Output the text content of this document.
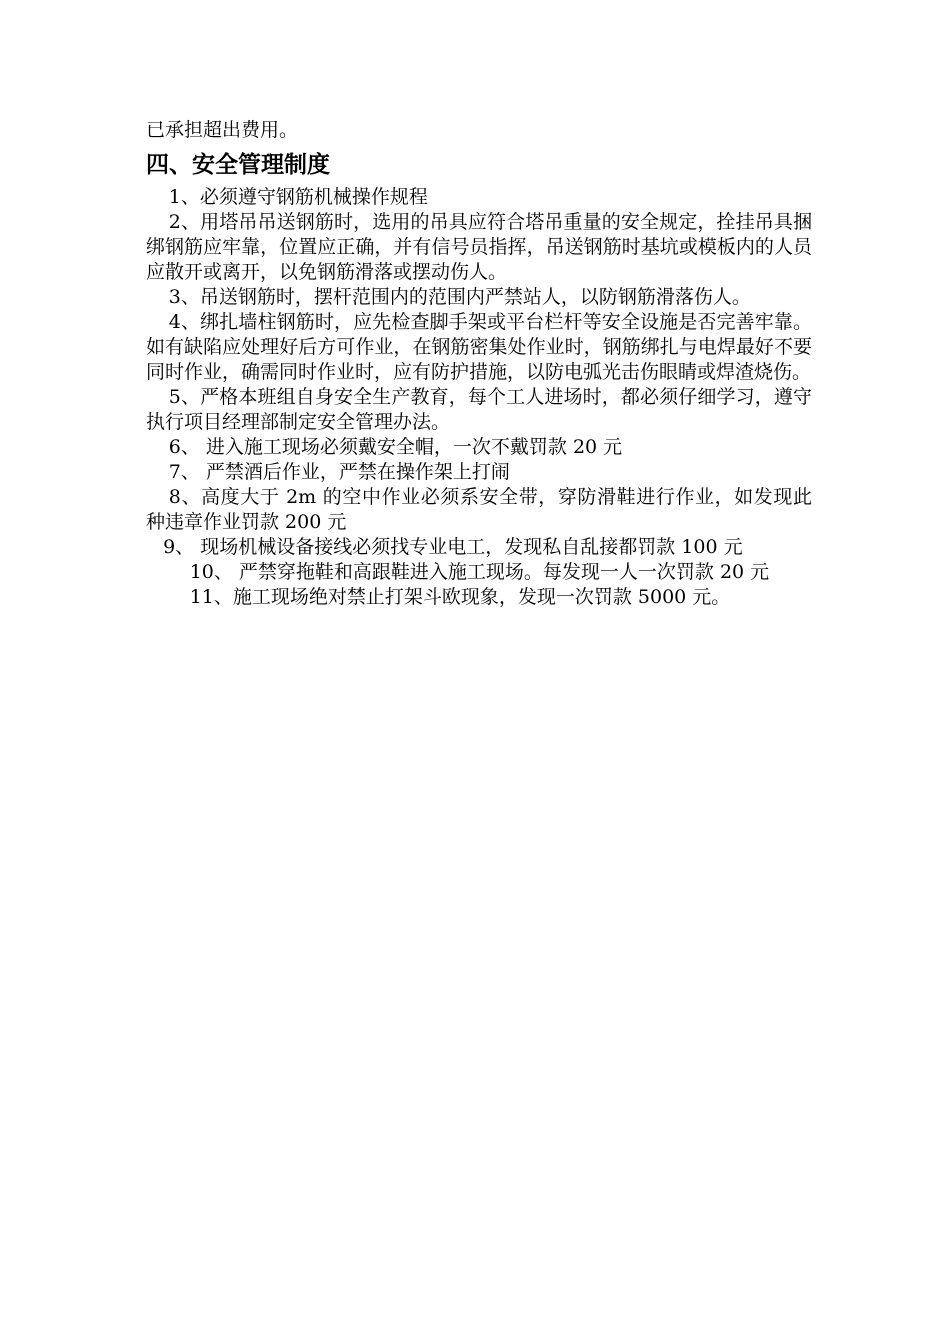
已承担超出费用。

四、安全管理制度

1、必须遵守钢筋机械操作规程

2、用塔吊吊送钢筋时，选用的吊具应符合塔吊重量的安全规定，拴挂吊具捆绑钢筋应牢靠，位置应正确，并有信号员指挥，吊送钢筋时基坑或模板内的人员应散开或离开，以免钢筋滑落或摆动伤人。

3、吊送钢筋时，摆杆范围内的范围内严禁站人，以防钢筋滑落伤人。

4、绑扎墙柱钢筋时，应先检查脚手架或平台栏杆等安全设施是否完善牢靠。如有缺陷应处理好后方可作业，在钢筋密集处作业时，钢筋绑扎与电焊最好不要同时作业，确需同时作业时，应有防护措施，以防电弧光击伤眼睛或焊渣烧伤。

5、严格本班组自身安全生产教育，每个工人进场时，都必须仔细学习，遵守执行项目经理部制定安全管理办法。

6、 进入施工现场必须戴安全帽，一次不戴罚款 20 元

7、 严禁酒后作业，严禁在操作架上打闹

8、高度大于 2m 的空中作业必须系安全带，穿防滑鞋进行作业，如发现此种违章作业罚款 200 元

9、 现场机械设备接线必须找专业电工，发现私自乱接都罚款 100 元

10、 严禁穿拖鞋和高跟鞋进入施工现场。每发现一人一次罚款 20 元

11、施工现场绝对禁止打架斗欧现象，发现一次罚款 5000 元。
